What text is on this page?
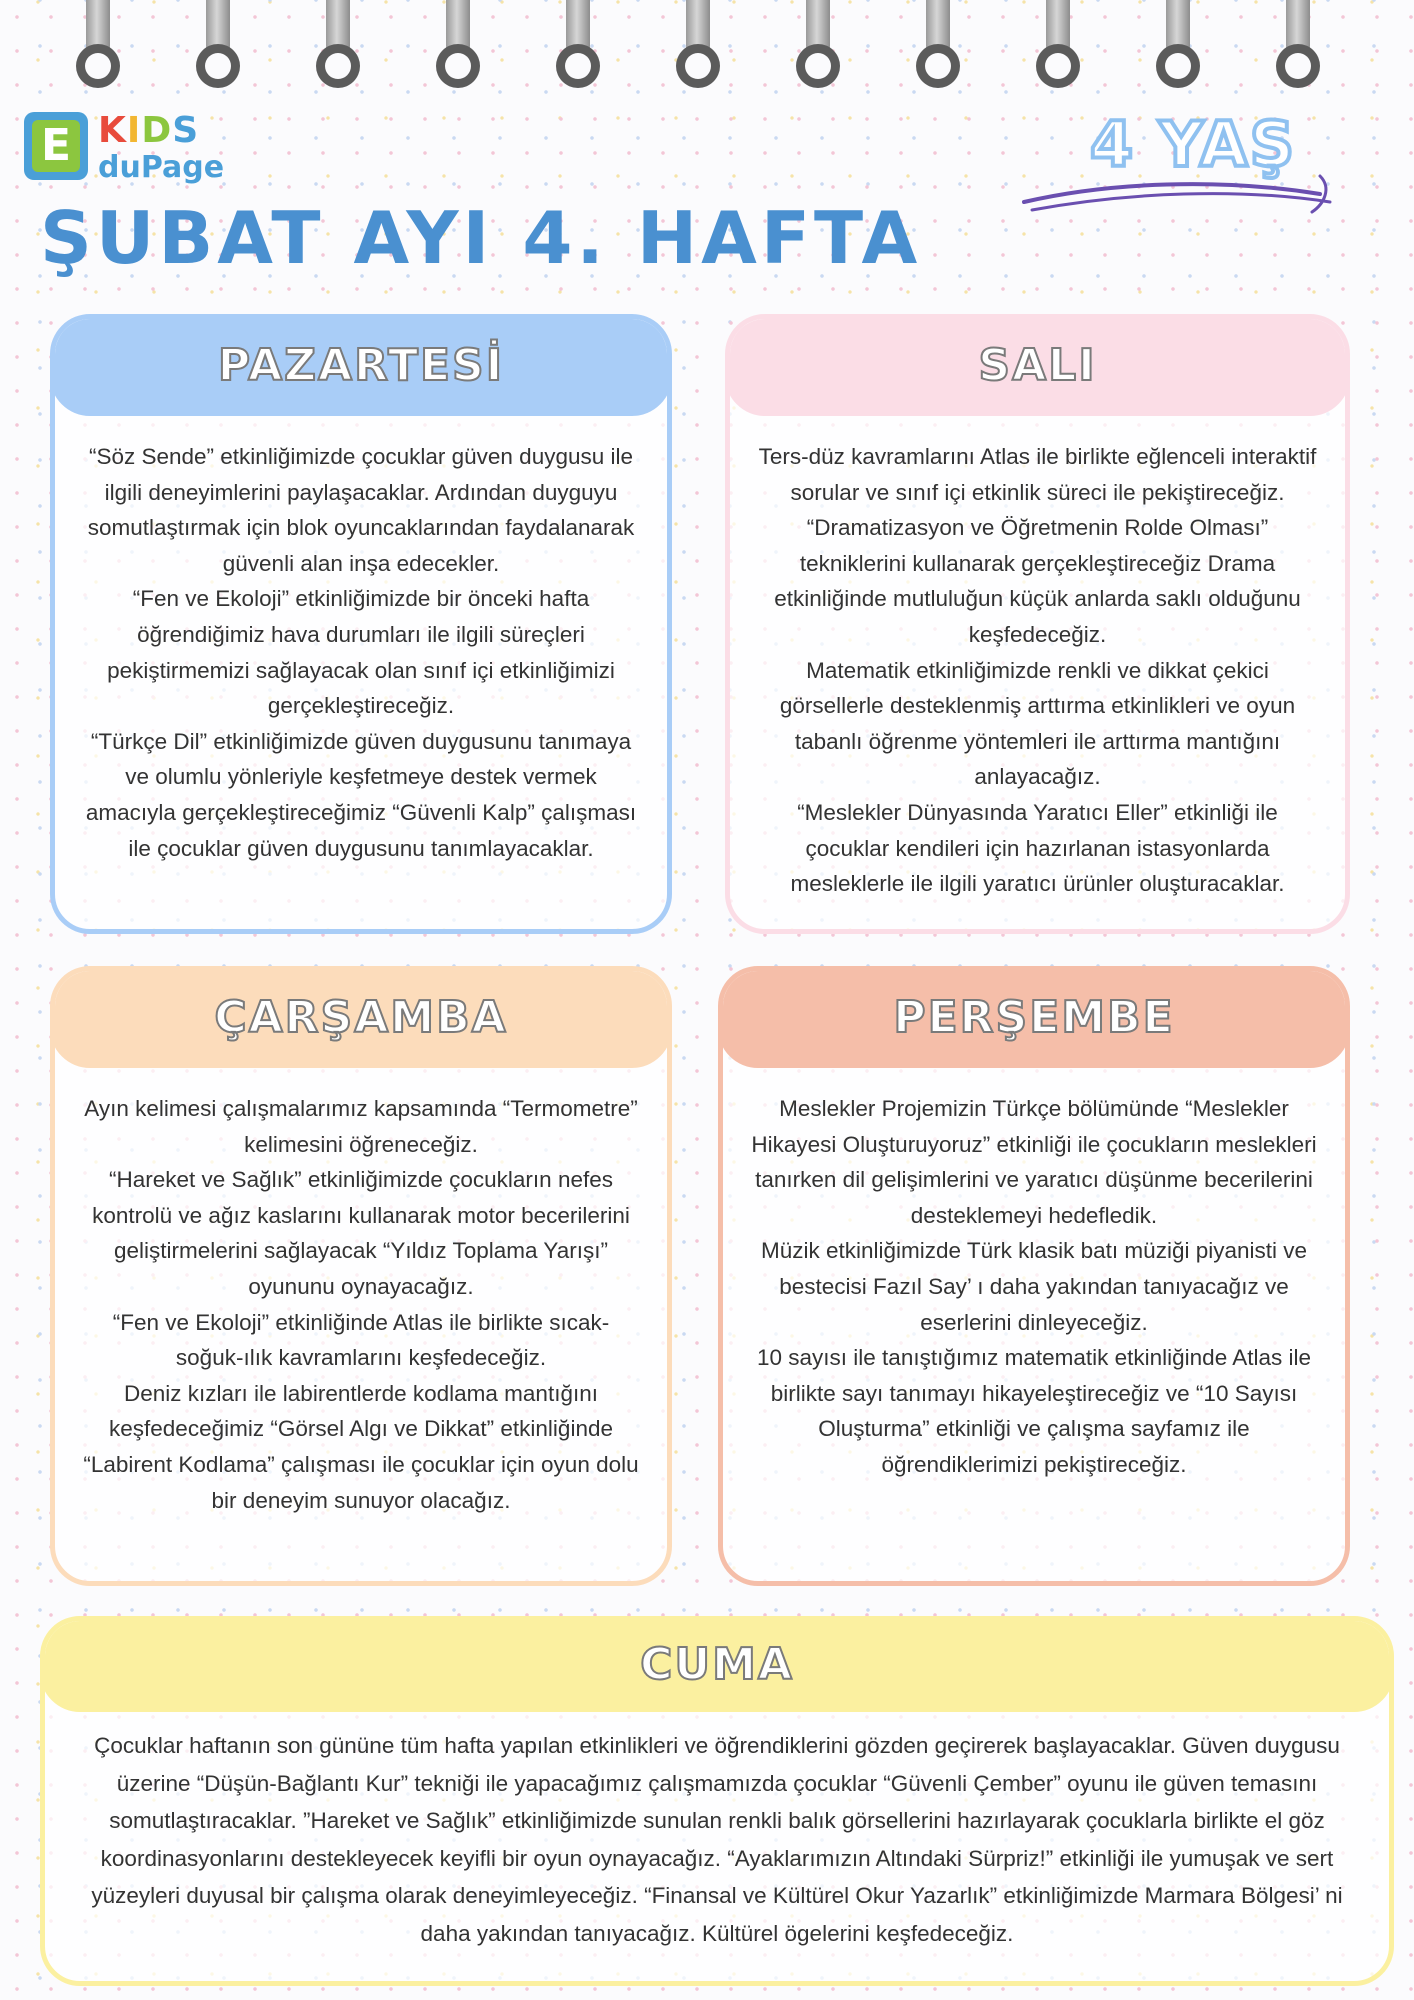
E KIDS
duPage	4 YAŞ
ŞUBAT AYI 4. HAFTA
PAZARTESİ

“Söz Sende” etkinliğimizde çocuklar güven duygusu ile ilgili deneyimlerini paylaşacaklar. Ardından duyguyu somutlaştırmak için blok oyuncaklarından faydalanarak güvenli alan inşa edecekler.

“Fen ve Ekoloji” etkinliğimizde bir önceki hafta öğrendiğimiz hava durumları ile ilgili süreçleri pekiştirmemizi sağlayacak olan sınıf içi etkinliğimizi gerçekleştireceğiz.

“Türkçe Dil” etkinliğimizde güven duygusunu tanımaya ve olumlu yönleriyle keşfetmeye destek vermek amacıyla gerçekleştireceğimiz “Güvenli Kalp” çalışması ile çocuklar güven duygusunu tanımlayacaklar.

SALI

Ters-düz kavramlarını Atlas ile birlikte eğlenceli interaktif sorular ve sınıf içi etkinlik süreci ile pekiştireceğiz.

“Dramatizasyon ve Öğretmenin Rolde Olması” tekniklerini kullanarak gerçekleştireceğiz Drama etkinliğinde mutluluğun küçük anlarda saklı olduğunu keşfedeceğiz.

Matematik etkinliğimizde renkli ve dikkat çekici görsellerle desteklenmiş arttırma etkinlikleri ve oyun tabanlı öğrenme yöntemleri ile arttırma mantığını anlayacağız.

“Meslekler Dünyasında Yaratıcı Eller” etkinliği ile çocuklar kendileri için hazırlanan istasyonlarda mesleklerle ile ilgili yaratıcı ürünler oluşturacaklar.

ÇARŞAMBA

Ayın kelimesi çalışmalarımız kapsamında “Termometre” kelimesini öğreneceğiz.

“Hareket ve Sağlık” etkinliğimizde çocukların nefes kontrolü ve ağız kaslarını kullanarak motor becerilerini geliştirmelerini sağlayacak “Yıldız Toplama Yarışı” oyununu oynayacağız.

“Fen ve Ekoloji” etkinliğinde Atlas ile birlikte sıcak-soğuk-ılık kavramlarını keşfedeceğiz.

Deniz kızları ile labirentlerde kodlama mantığını keşfedeceğimiz “Görsel Algı ve Dikkat” etkinliğinde “Labirent Kodlama” çalışması ile çocuklar için oyun dolu bir deneyim sunuyor olacağız.

PERŞEMBE

Meslekler Projemizin Türkçe bölümünde “Meslekler Hikayesi Oluşturuyoruz” etkinliği ile çocukların meslekleri tanırken dil gelişimlerini ve yaratıcı düşünme becerilerini desteklemeyi hedefledik.

Müzik etkinliğimizde Türk klasik batı müziği piyanisti ve bestecisi Fazıl Say’ ı daha yakından tanıyacağız ve eserlerini dinleyeceğiz.

10 sayısı ile tanıştığımız matematik etkinliğinde Atlas ile birlikte sayı tanımayı hikayeleştireceğiz ve “10 Sayısı Oluşturma” etkinliği ve çalışma sayfamız ile öğrendiklerimizi pekiştireceğiz.

CUMA

Çocuklar haftanın son gününe tüm hafta yapılan etkinlikleri ve öğrendiklerini gözden geçirerek başlayacaklar. Güven duygusu üzerine “Düşün-Bağlantı Kur” tekniği ile yapacağımız çalışmamızda çocuklar “Güvenli Çember” oyunu ile güven temasını somutlaştıracaklar. ”Hareket ve Sağlık” etkinliğimizde sunulan renkli balık görsellerini hazırlayarak çocuklarla birlikte el göz koordinasyonlarını destekleyecek keyifli bir oyun oynayacağız. “Ayaklarımızın Altındaki Sürpriz!” etkinliği ile yumuşak ve sert yüzeyleri duyusal bir çalışma olarak deneyimleyeceğiz. “Finansal ve Kültürel Okur Yazarlık” etkinliğimizde Marmara Bölgesi’ ni daha yakından tanıyacağız. Kültürel ögelerini keşfedeceğiz.
